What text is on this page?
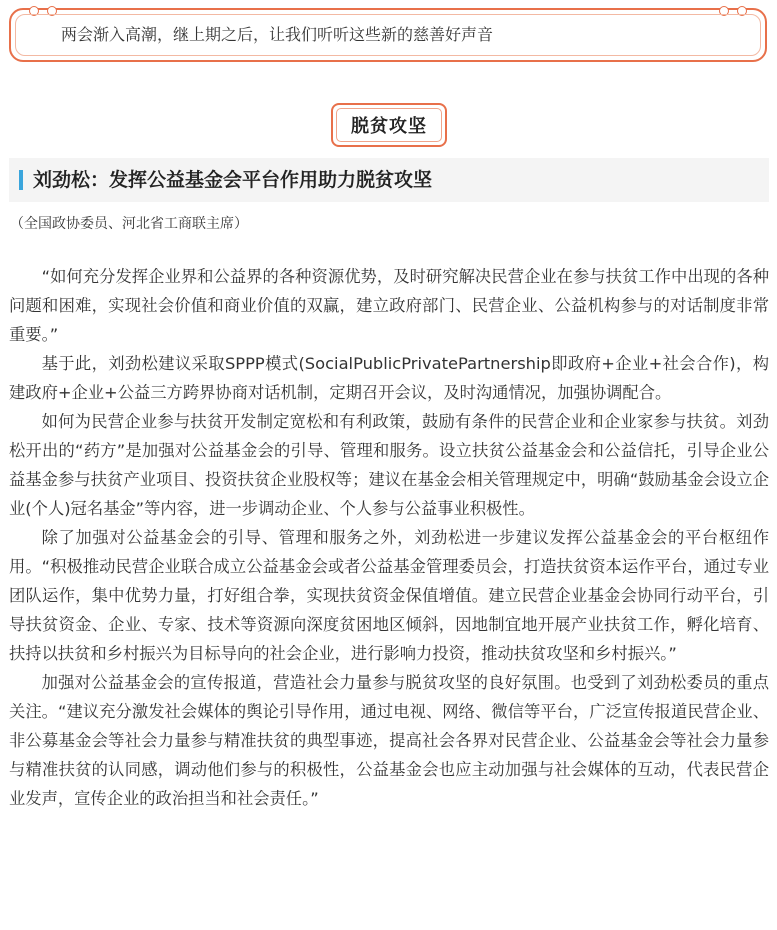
两会渐入高潮，继上期之后，让我们听听这些新的慈善好声音
脱贫攻坚
刘劲松：发挥公益基金会平台作用助力脱贫攻坚
（全国政协委员、河北省工商联主席）

“如何充分发挥企业界和公益界的各种资源优势，及时研究解决民营企业在参与扶贫工作中出现的各种问题和困难，实现社会价值和商业价值的双赢，建立政府部门、民营企业、公益机构参与的对话制度非常重要。”

基于此，刘劲松建议采取SPPP模式(SocialPublicPrivatePartnership即政府+企业+社会合作)，构建政府+企业+公益三方跨界协商对话机制，定期召开会议，及时沟通情况，加强协调配合。

如何为民营企业参与扶贫开发制定宽松和有利政策，鼓励有条件的民营企业和企业家参与扶贫。刘劲松开出的“药方”是加强对公益基金会的引导、管理和服务。设立扶贫公益基金会和公益信托，引导企业公益基金参与扶贫产业项目、投资扶贫企业股权等；建议在基金会相关管理规定中，明确“鼓励基金会设立企业(个人)冠名基金”等内容，进一步调动企业、个人参与公益事业积极性。

除了加强对公益基金会的引导、管理和服务之外，刘劲松进一步建议发挥公益基金会的平台枢纽作用。“积极推动民营企业联合成立公益基金会或者公益基金管理委员会，打造扶贫资本运作平台，通过专业团队运作，集中优势力量，打好组合拳，实现扶贫资金保值增值。建立民营企业基金会协同行动平台，引导扶贫资金、企业、专家、技术等资源向深度贫困地区倾斜，因地制宜地开展产业扶贫工作，孵化培育、扶持以扶贫和乡村振兴为目标导向的社会企业，进行影响力投资，推动扶贫攻坚和乡村振兴。”

加强对公益基金会的宣传报道，营造社会力量参与脱贫攻坚的良好氛围。也受到了刘劲松委员的重点关注。“建议充分激发社会媒体的舆论引导作用，通过电视、网络、微信等平台，广泛宣传报道民营企业、非公募基金会等社会力量参与精准扶贫的典型事迹，提高社会各界对民营企业、公益基金会等社会力量参与精准扶贫的认同感，调动他们参与的积极性，公益基金会也应主动加强与社会媒体的互动，代表民营企业发声，宣传企业的政治担当和社会责任。”
